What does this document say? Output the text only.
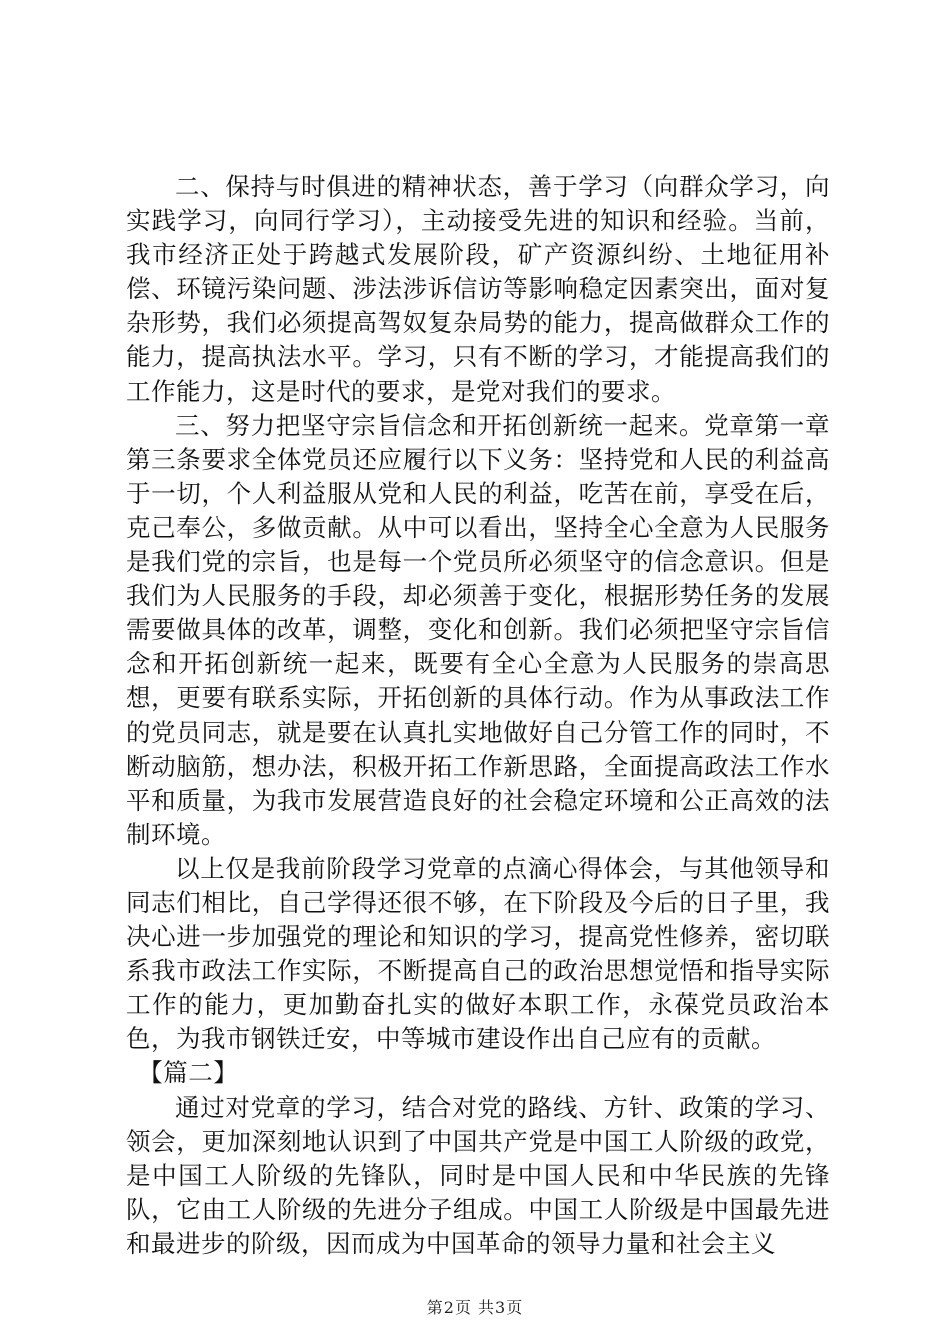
二、保持与时俱进的精神状态，善于学习（向群众学习，向实践学习，向同行学习），主动接受先进的知识和经验。当前，我市经济正处于跨越式发展阶段，矿产资源纠纷、土地征用补偿、环镜污染问题、涉法涉诉信访等影响稳定因素突出，面对复杂形势，我们必须提高驾奴复杂局势的能力，提高做群众工作的能力，提高执法水平。学习，只有不断的学习，才能提高我们的工作能力，这是时代的要求，是党对我们的要求。

三、努力把坚守宗旨信念和开拓创新统一起来。党章第一章第三条要求全体党员还应履行以下义务：坚持党和人民的利益高于一切，个人利益服从党和人民的利益，吃苦在前，享受在后，克己奉公，多做贡献。从中可以看出，坚持全心全意为人民服务是我们党的宗旨，也是每一个党员所必须坚守的信念意识。但是我们为人民服务的手段，却必须善于变化，根据形势任务的发展需要做具体的改革，调整，变化和创新。我们必须把坚守宗旨信念和开拓创新统一起来，既要有全心全意为人民服务的崇高思想，更要有联系实际，开拓创新的具体行动。作为从事政法工作的党员同志，就是要在认真扎实地做好自己分管工作的同时，不断动脑筋，想办法，积极开拓工作新思路，全面提高政法工作水平和质量，为我市发展营造良好的社会稳定环境和公正高效的法制环境。

以上仅是我前阶段学习党章的点滴心得体会，与其他领导和同志们相比，自己学得还很不够，在下阶段及今后的日子里，我决心进一步加强党的理论和知识的学习，提高党性修养，密切联系我市政法工作实际，不断提高自己的政治思想觉悟和指导实际工作的能力，更加勤奋扎实的做好本职工作，永葆党员政治本色，为我市钢铁迁安，中等城市建设作出自己应有的贡献。

【篇二】

通过对党章的学习，结合对党的路线、方针、政策的学习、领会，更加深刻地认识到了中国共产党是中国工人阶级的政党，是中国工人阶级的先锋队，同时是中国人民和中华民族的先锋队，它由工人阶级的先进分子组成。中国工人阶级是中国最先进和最进步的阶级，因而成为中国革命的领导力量和社会主义

第2页 共3页
